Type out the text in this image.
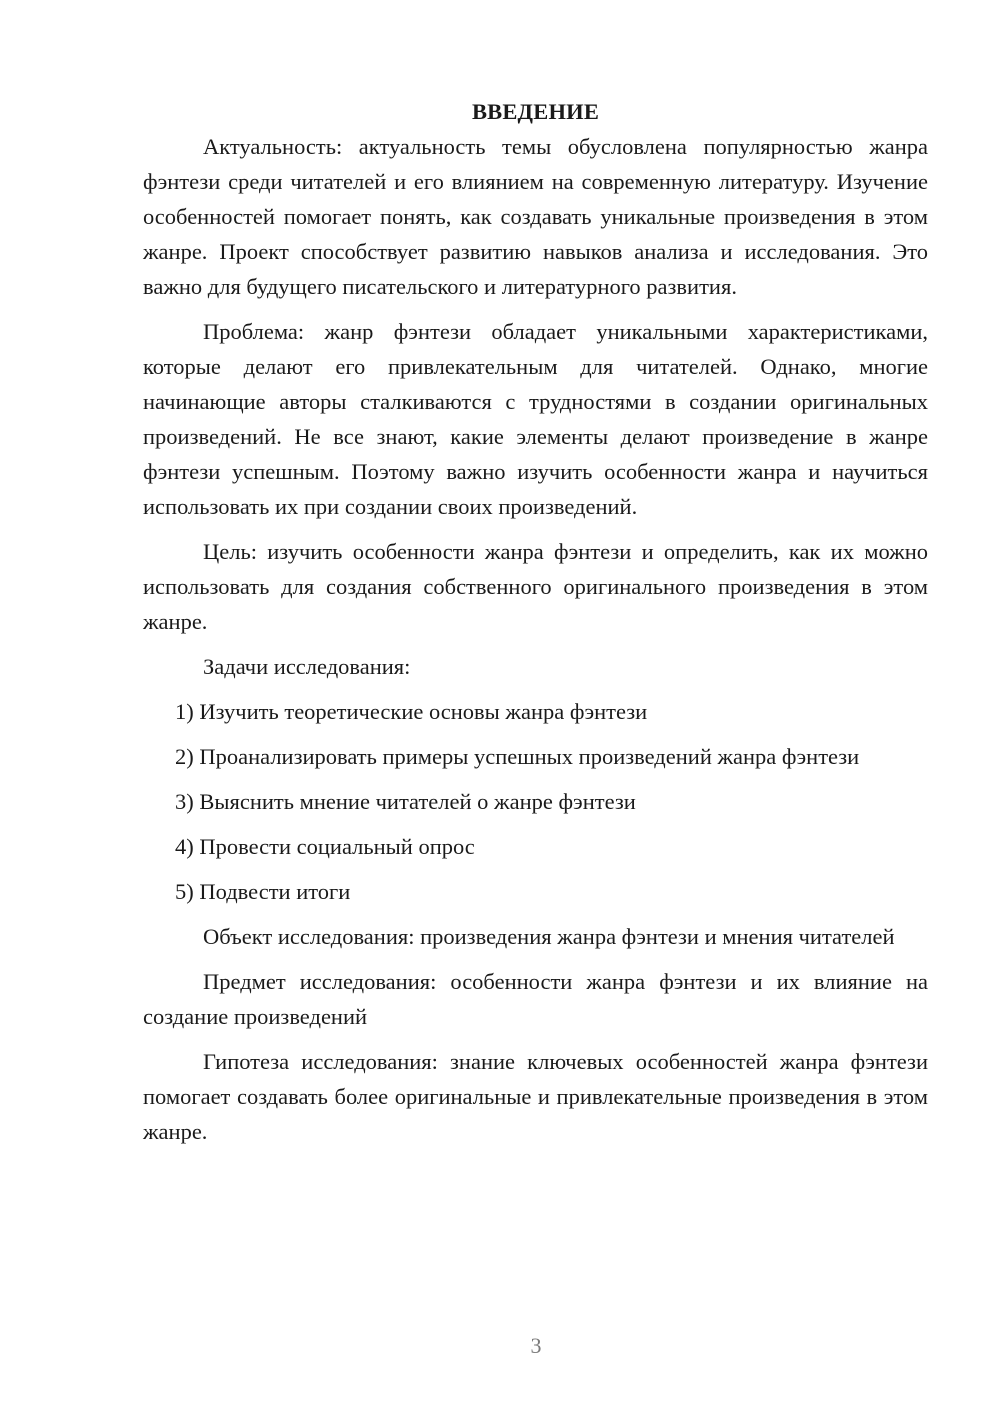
ВВЕДЕНИЕ

Актуальность: актуальность темы обусловлена популярностью жанра фэнтези среди читателей и его влиянием на современную литературу. Изучение особенностей помогает понять, как создавать уникальные произведения в этом жанре. Проект способствует развитию навыков анализа и исследования. Это важно для будущего писательского и литературного развития.

Проблема: жанр фэнтези обладает уникальными характеристиками, которые делают его привлекательным для читателей. Однако, многие начинающие авторы сталкиваются с трудностями в создании оригинальных произведений. Не все знают, какие элементы делают произведение в жанре фэнтези успешным. Поэтому важно изучить особенности жанра и научиться использовать их при создании своих произведений.

Цель: изучить особенности жанра фэнтези и определить, как их можно использовать для создания собственного оригинального произведения в этом жанре.

Задачи исследования:

1) Изучить теоретические основы жанра фэнтези

2) Проанализировать примеры успешных произведений жанра фэнтези

3) Выяснить мнение читателей о жанре фэнтези

4) Провести социальный опрос

5) Подвести итоги

Объект исследования: произведения жанра фэнтези и мнения читателей

Предмет исследования: особенности жанра фэнтези и их влияние на создание произведений

Гипотеза исследования: знание ключевых особенностей жанра фэнтези помогает создавать более оригинальные и привлекательные произведения в этом жанре.

3
